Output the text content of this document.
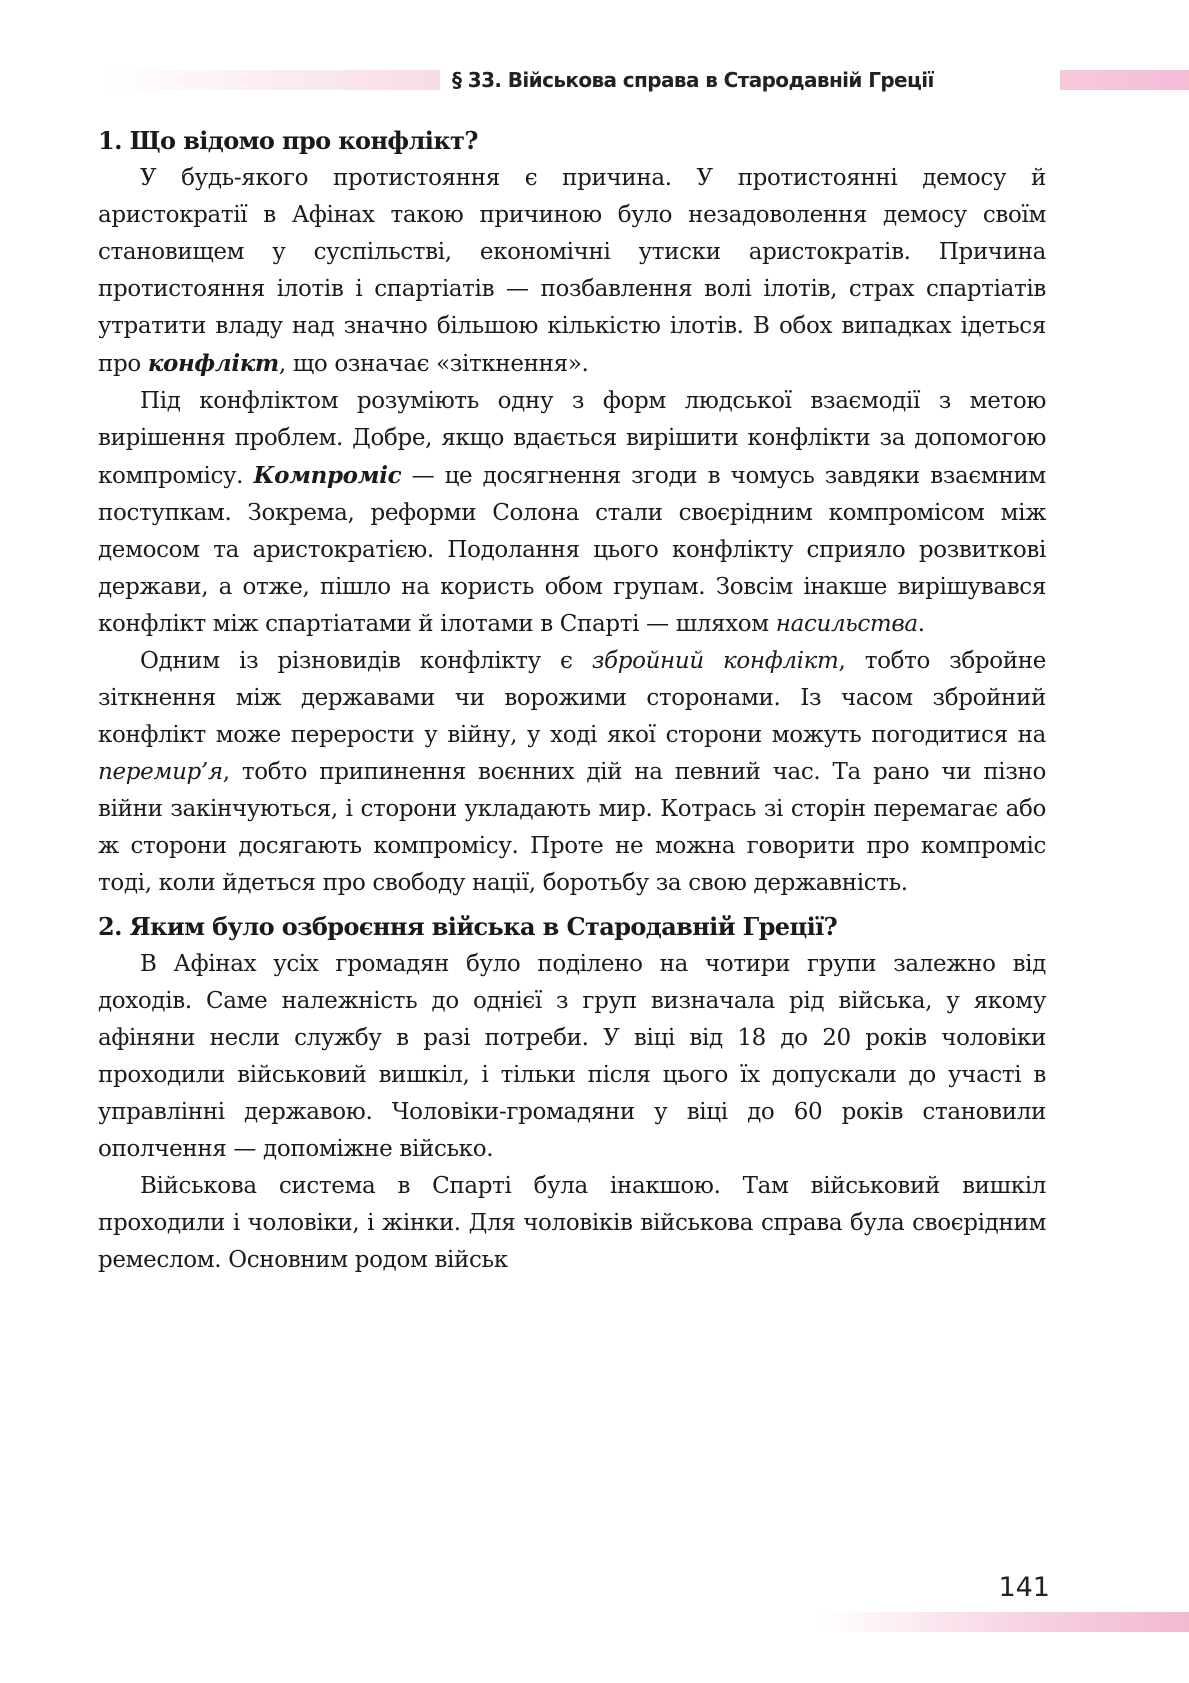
§ 33. Військова справа в Стародавній Греції
1. Що відомо про конфлікт?

У будь-якого протистояння є причина. У протистоянні демосу й аристократії в Афінах такою причиною було незадоволення демосу своїм становищем у суспільстві, економічні утиски аристократів. Причина протистояння ілотів і спартіатів — позбавлення волі ілотів, страх спартіатів утратити владу над значно більшою кількістю ілотів. В обох випадках ідеться про конфлікт, що означає «зіткнення».

Під конфліктом розуміють одну з форм людської взаємодії з метою вирішення проблем. Добре, якщо вдається вирішити конфлікти за допомогою компромісу. Компроміс — це досягнення згоди в чомусь завдяки взаємним поступкам. Зокрема, реформи Солона стали своєрідним компромісом між демосом та аристократією. Подолання цього конфлікту сприяло розвиткові держави, а отже, пішло на користь обом групам. Зовсім інакше вирішувався конфлікт між спартіатами й ілотами в Спарті — шляхом насильства.

Одним із різновидів конфлікту є збройний конфлікт, тобто збройне зіткнення між державами чи ворожими сторонами. Із часом збройний конфлікт може перерости у війну, у ході якої сторони можуть погодитися на перемир’я, тобто припинення воєнних дій на певний час. Та рано чи пізно війни закінчуються, і сторони укладають мир. Котрась зі сторін перемагає або ж сторони досягають компромісу. Проте не можна говорити про компроміс тоді, коли йдеться про свободу нації, боротьбу за свою державність.

2. Яким було озброєння війська в Стародавній Греції?

В Афінах усіх громадян було поділено на чотири групи залежно від доходів. Саме належність до однієї з груп визначала рід війська, у якому афіняни несли службу в разі потреби. У віці від 18 до 20 років чоловіки проходили військовий вишкіл, і тільки після цього їх допускали до участі в управлінні державою. Чоловіки-громадяни у віці до 60 років становили ополчення — допоміжне військо.

Військова система в Спарті була інакшою. Там військовий вишкіл проходили і чоловіки, і жінки. Для чоловіків військова справа була своєрідним ремеслом. Основним родом військ

141
